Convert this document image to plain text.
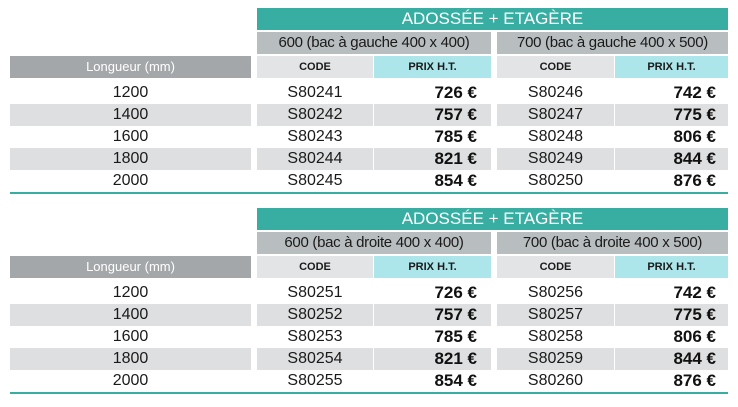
ADOSSÉE + ETAGÈRE
600 (bac à gauche 400 x 400)	700 (bac à gauche 400 x 500)
Longueur (mm)	CODE	PRIX H.T.	CODE	PRIX H.T.
1200	S80241	726 €	S80246	742 €
1400	S80242	757 €	S80247	775 €
1600	S80243	785 €	S80248	806 €
1800	S80244	821 €	S80249	844 €
2000	S80245	854 €	S80250	876 €
ADOSSÉE + ETAGÈRE
600 (bac à droite 400 x 400)	700 (bac à droite 400 x 500)
Longueur (mm)	CODE	PRIX H.T.	CODE	PRIX H.T.
1200	S80251	726 €	S80256	742 €
1400	S80252	757 €	S80257	775 €
1600	S80253	785 €	S80258	806 €
1800	S80254	821 €	S80259	844 €
2000	S80255	854 €	S80260	876 €
